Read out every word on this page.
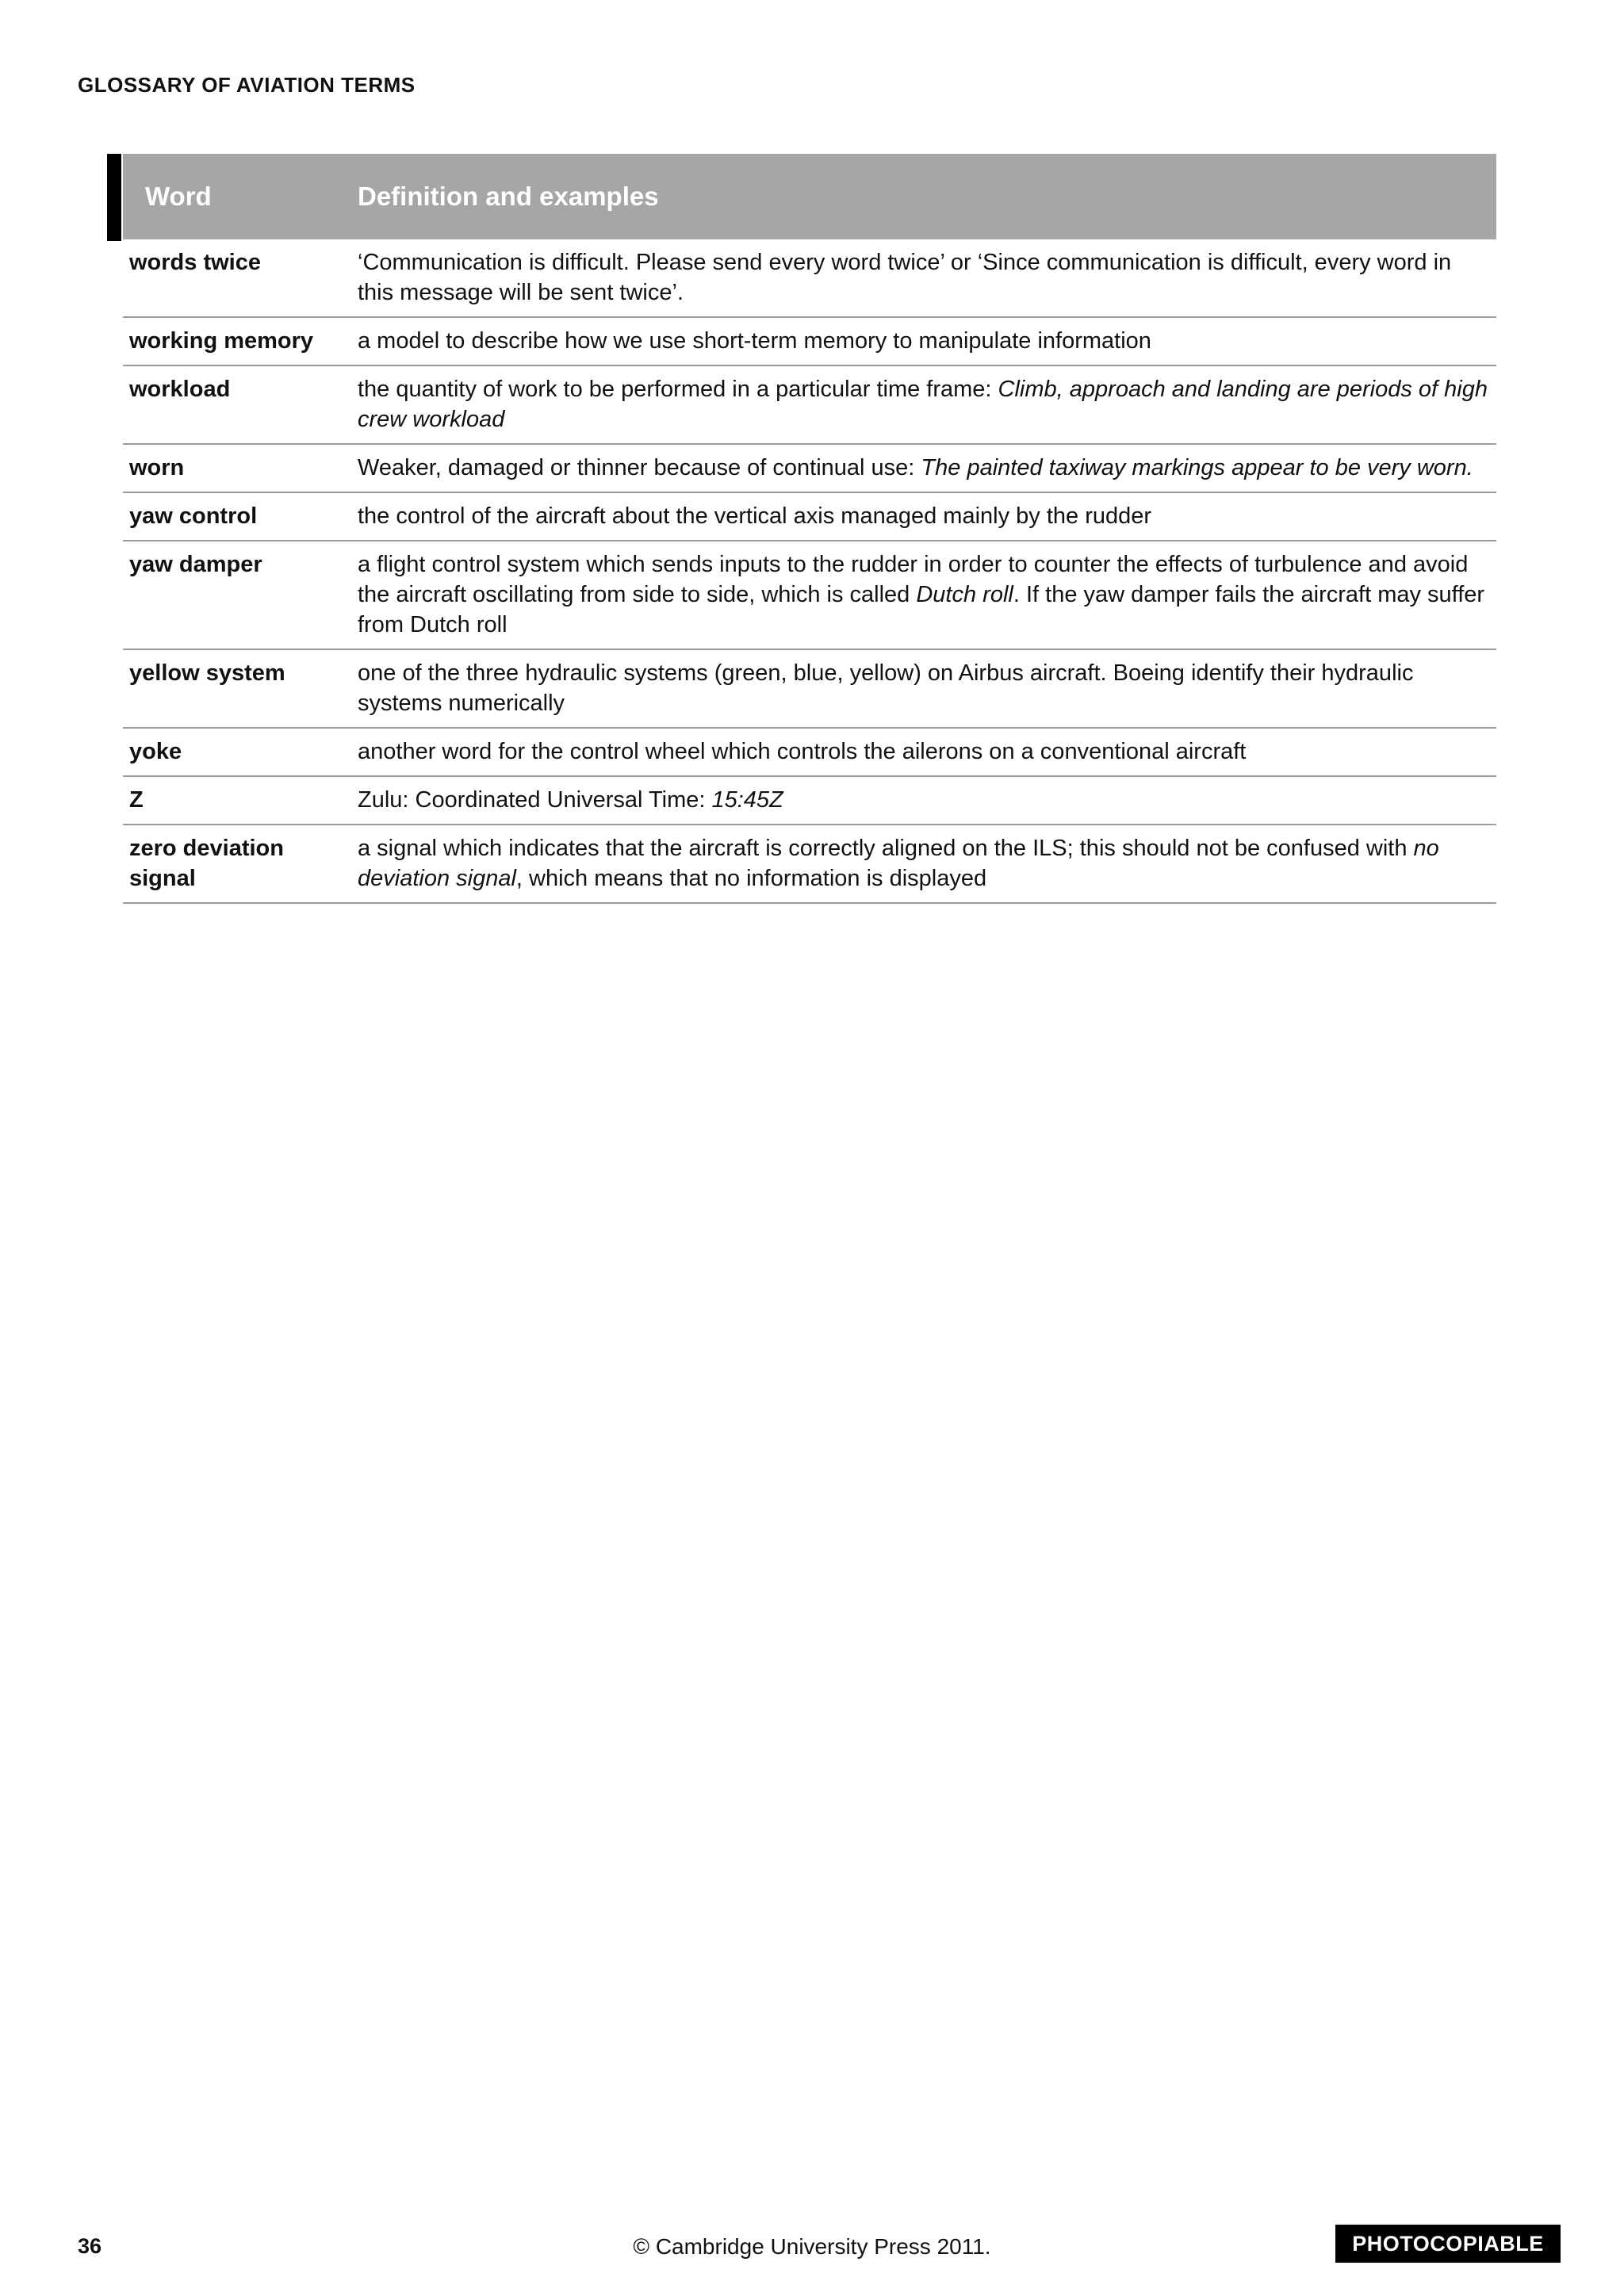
GLOSSARY OF AVIATION TERMS
Word	Definition and examples
words twice	‘Communication is difficult. Please send every word twice’ or ‘Since communication is difficult, every word in this message will be sent twice’.
working memory	a model to describe how we use short-term memory to manipulate information
workload	the quantity of work to be performed in a particular time frame: Climb, approach and landing are periods of high crew workload
worn	Weaker, damaged or thinner because of continual use: The painted taxiway markings appear to be very worn.
yaw control	the control of the aircraft about the vertical axis managed mainly by the rudder
yaw damper	a flight control system which sends inputs to the rudder in order to counter the effects of turbulence and avoid the aircraft oscillating from side to side, which is called Dutch roll. If the yaw damper fails the aircraft may suffer from Dutch roll
yellow system	one of the three hydraulic systems (green, blue, yellow) on Airbus aircraft. Boeing identify their hydraulic systems numerically
yoke	another word for the control wheel which controls the ailerons on a conventional aircraft
Z	Zulu: Coordinated Universal Time: 15:45Z
zero deviation signal	a signal which indicates that the aircraft is correctly aligned on the ILS; this should not be confused with no deviation signal, which means that no information is displayed
36	© Cambridge University Press 2011.	PHOTOCOPIABLE
